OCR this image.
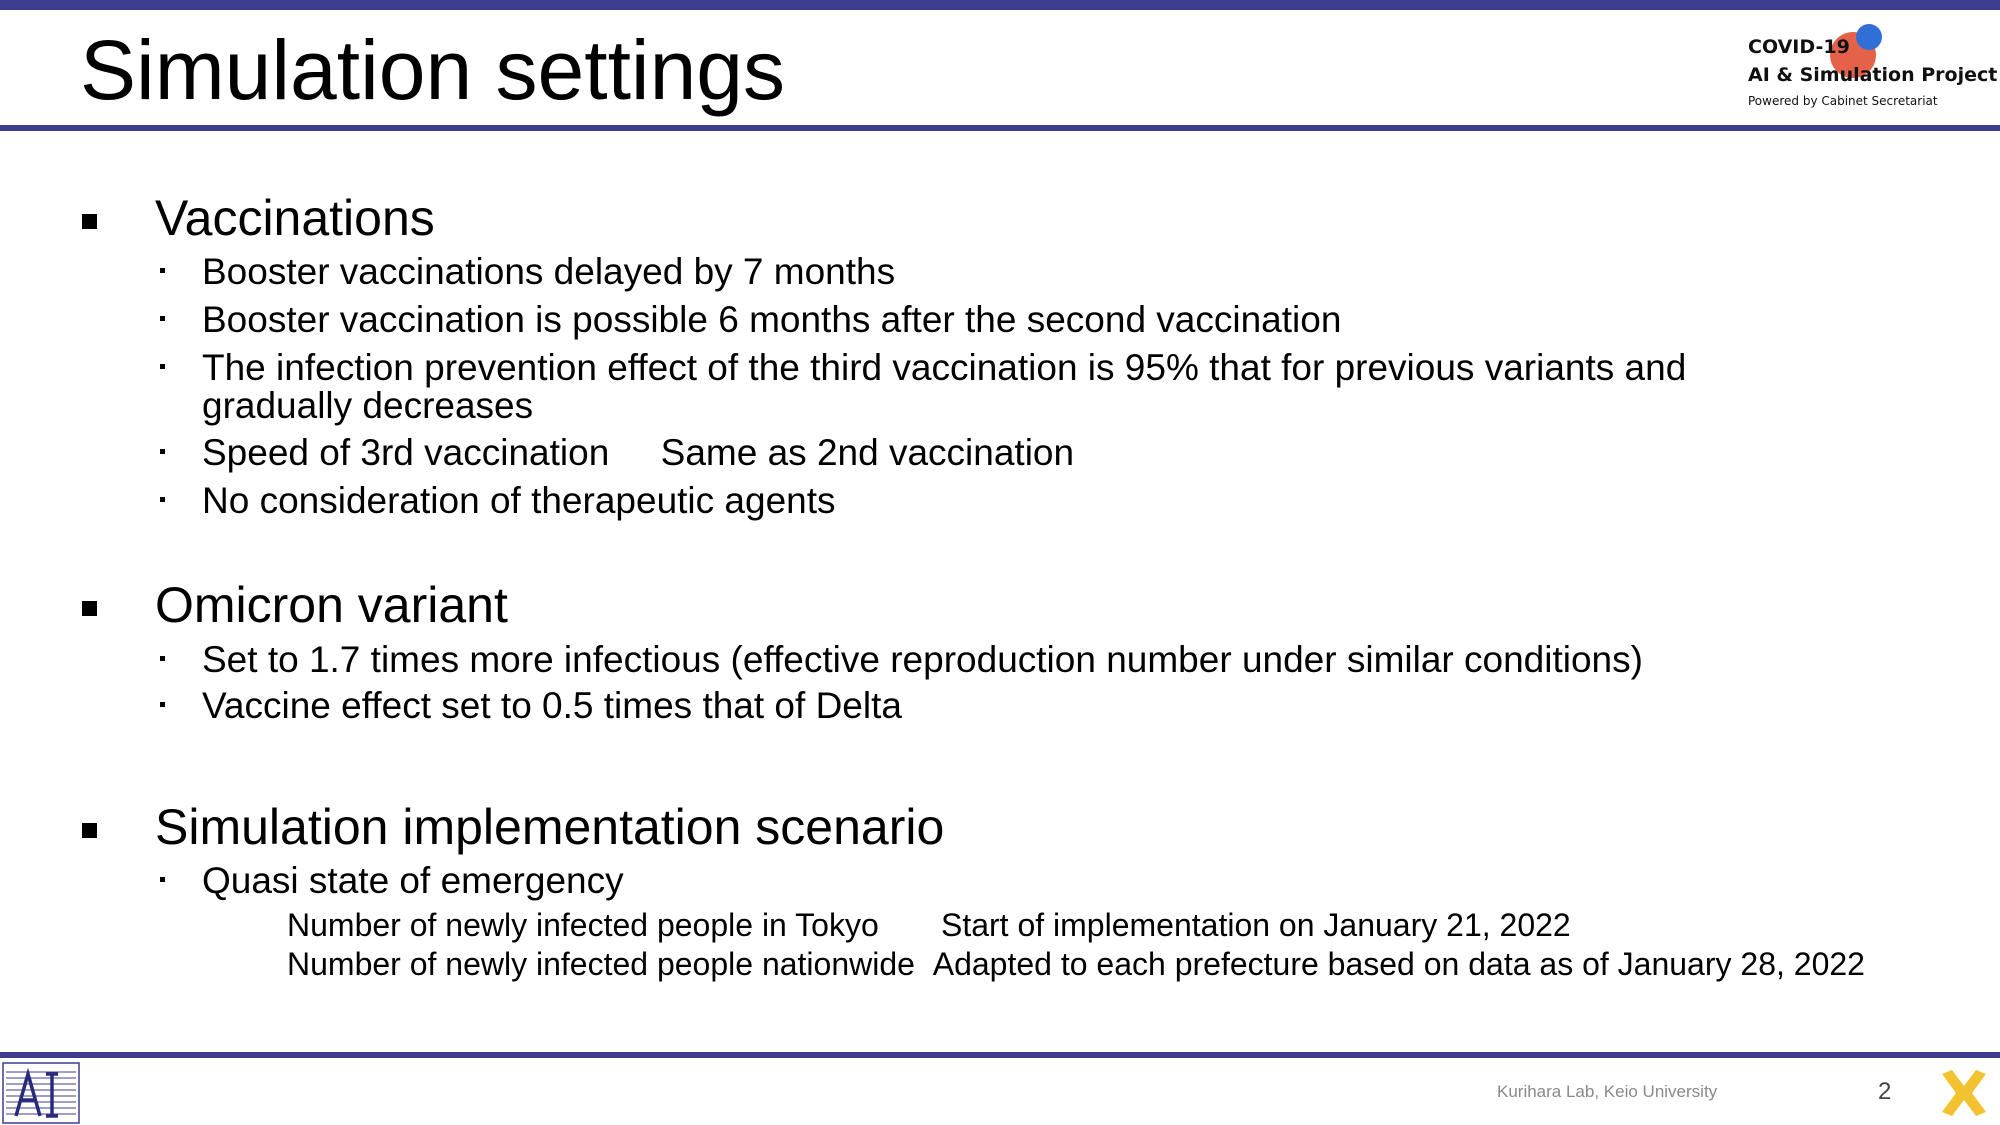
Simulation settings	COVID-19
AI & Simulation Project
Powered by Cabinet Secretariat
Vaccinations
Booster vaccinations delayed by 7 months
Booster vaccination is possible 6 months after the second vaccination
The infection prevention effect of the third vaccination is 95% that for previous variants and
gradually decreases
Speed of 3rd vaccination     Same as 2nd vaccination
No consideration of therapeutic agents
Omicron variant
Set to 1.7 times more infectious (effective reproduction number under similar conditions)
Vaccine effect set to 0.5 times that of Delta
Simulation implementation scenario
Quasi state of emergency
Number of newly infected people in Tokyo       Start of implementation on January 21, 2022
Number of newly infected people nationwide  Adapted to each prefecture based on data as of January 28, 2022
Kurihara Lab, Keio University	2
